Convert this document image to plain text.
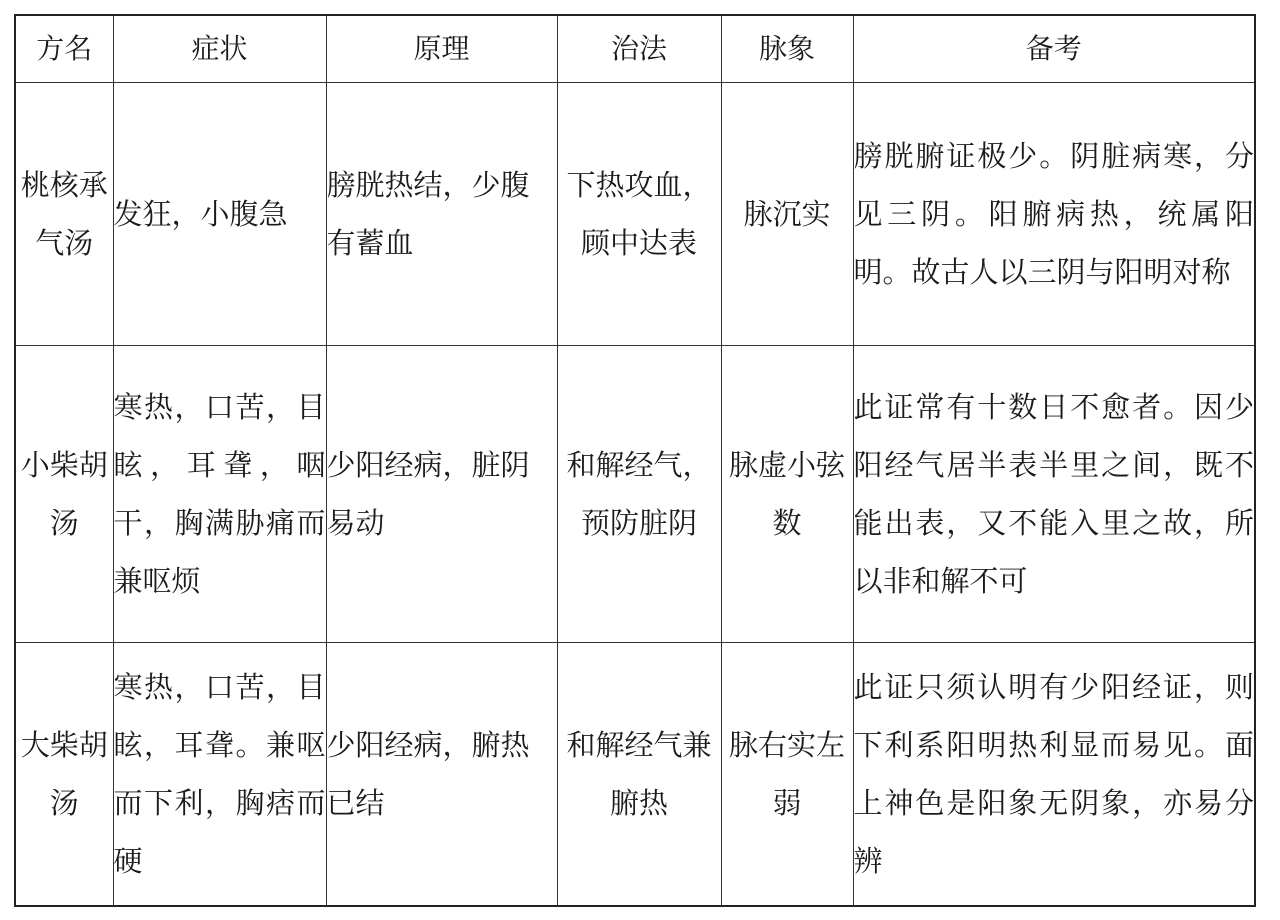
方名	症状	原理	治法	脉象	备考
桃核承气汤	发狂，小腹急	膀胱热结，少腹有蓄血	下热攻血，顾中达表	脉沉实	膀胱腑证极少。阴脏病寒，分见三阴。阳腑病热，统属阳明。故古人以三阴与阳明对称
小柴胡汤	寒热，口苦，目眩，耳聋，咽干，胸满胁痛而兼呕烦	少阳经病，脏阴易动	和解经气，预防脏阴	脉虚小弦数	此证常有十数日不愈者。因少阳经气居半表半里之间，既不能出表，又不能入里之故，所以非和解不可
大柴胡汤	寒热，口苦，目眩，耳聋。兼呕而下利，胸痞而硬	少阳经病，腑热已结	和解经气兼腑热	脉右实左弱	此证只须认明有少阳经证，则下利系阳明热利显而易见。面上神色是阳象无阴象，亦易分辨
